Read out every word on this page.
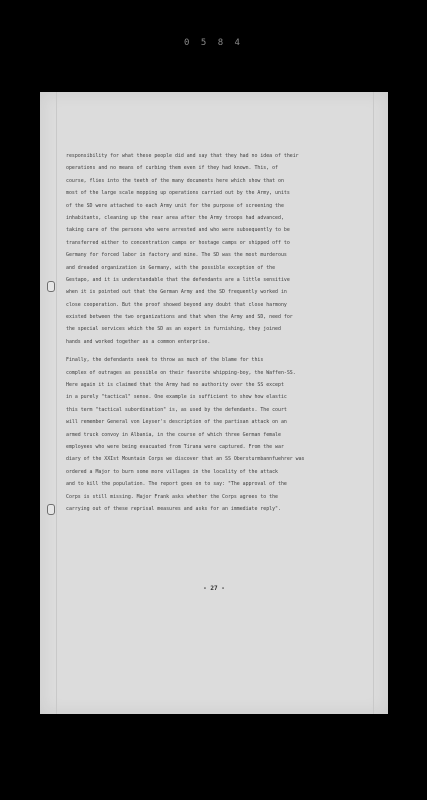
0 5 8 4
responsibility for what these people did and say that they had no idea of their
operations and no means of curbing them even if they had known. This, of
course, flies into the teeth of the many documents here which show that on
most of the large scale mopping up operations carried out by the Army, units
of the SD were attached to each Army unit for the purpose of screening the
inhabitants, cleaning up the rear area after the Army troops had advanced,
taking care of the persons who were arrested and who were subsequently to be
transferred either to concentration camps or hostage camps or shipped off to
Germany for forced labor in factory and mine. The SD was the most murderous
and dreaded organization in Germany, with the possible exception of the
Gestapo, and it is understandable that the defendants are a little sensitive
when it is pointed out that the German Army and the SD frequently worked in
close cooperation. But the proof showed beyond any doubt that close harmony
existed between the two organizations and that when the Army and SD, need for
the special services which the SD as an expert in furnishing, they joined
hands and worked together as a common enterprise.
Finally, the defendants seek to throw as much of the blame for this
complex of outrages as possible on their favorite whipping-boy, the Waffen-SS.
Here again it is claimed that the Army had no authority over the SS except
in a purely "tactical" sense. One example is sufficient to show how elastic
this term "tactical subordination" is, as used by the defendants. The court
will remember General von Leyser's description of the partisan attack on an
armed truck convoy in Albania, in the course of which three German female
employees who were being evacuated from Tirana were captured. From the war
diary of the XXIst Mountain Corps we discover that an SS Obersturmbannfuehrer was
ordered a Major to burn some more villages in the locality of the attack
and to kill the population. The report goes on to say: "The approval of the
Corps is still missing. Major Frank asks whether the Corps agrees to the
carrying out of these reprisal measures and asks for an immediate reply".
- 27 -
